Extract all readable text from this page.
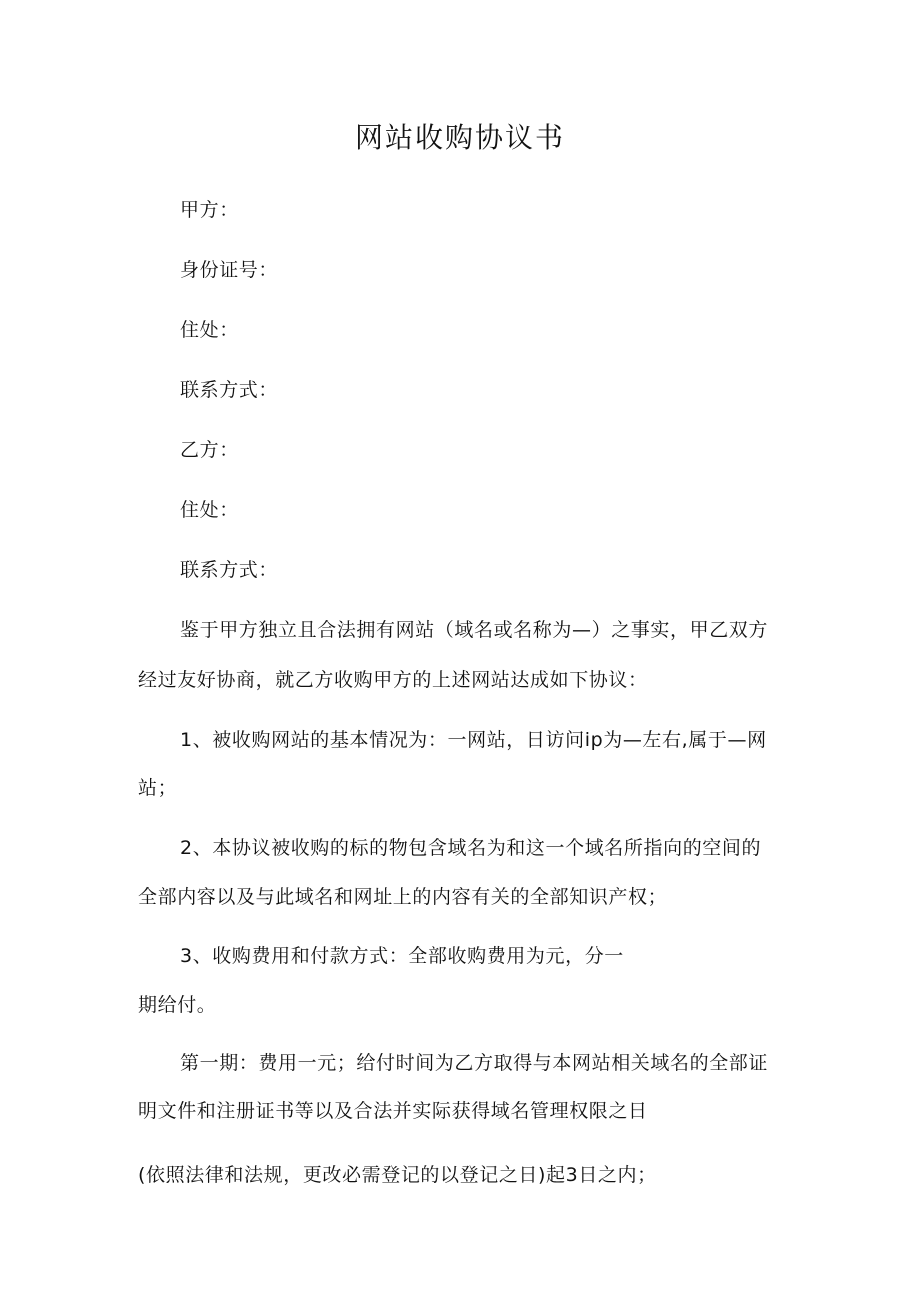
网站收购协议书
甲方：
身份证号：
住处：
联系方式：
乙方：
住处：
联系方式：
鉴于甲方独立且合法拥有网站（域名或名称为—）之事实，甲乙双方
经过友好协商，就乙方收购甲方的上述网站达成如下协议：
1、被收购网站的基本情况为：一网站，日访问ip为—左右,属于—网
站；
2、本协议被收购的标的物包含域名为和这一个域名所指向的空间的
全部内容以及与此域名和网址上的内容有关的全部知识产权；
3、收购费用和付款方式：全部收购费用为元，分一
期给付。
第一期：费用一元；给付时间为乙方取得与本网站相关域名的全部证
明文件和注册证书等以及合法并实际获得域名管理权限之日
(依照法律和法规，更改必需登记的以登记之日)起3日之内；
